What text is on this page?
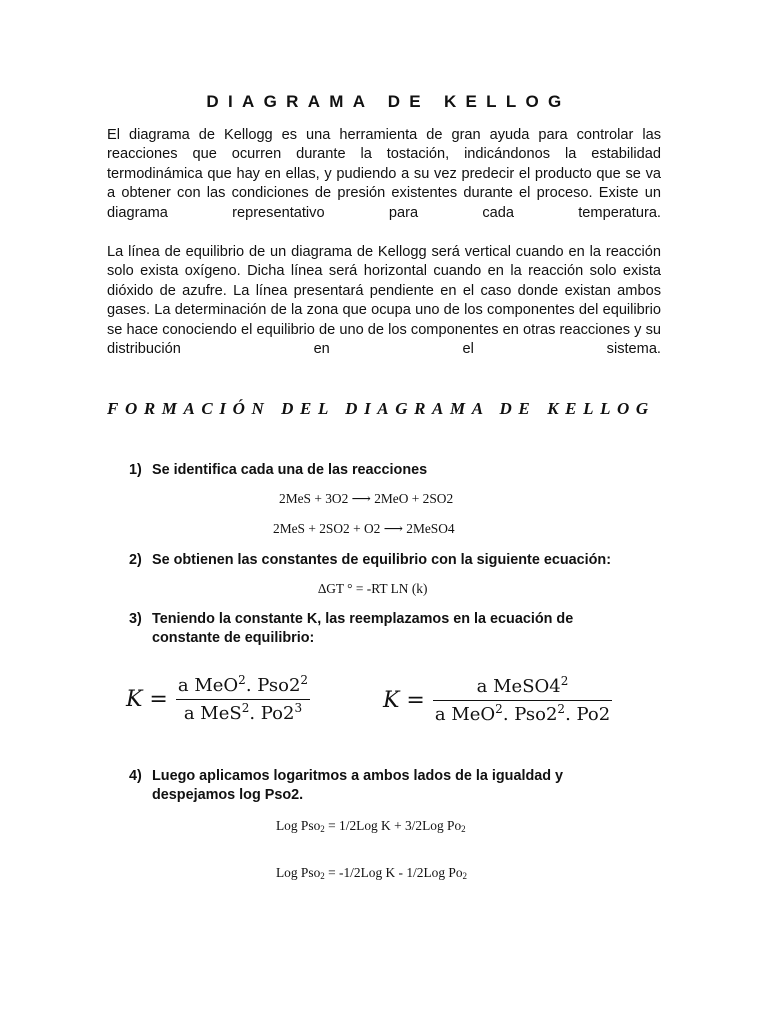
DIAGRAMA DE KELLOG

El diagrama de Kellogg es una herramienta de gran ayuda para controlar las reacciones que ocurren durante la tostación, indicándonos la estabilidad termodinámica que hay en ellas, y pudiendo a su vez predecir el producto que se va a obtener con las condiciones de presión existentes durante el proceso. Existe un diagrama representativo para cada temperatura.

La línea de equilibrio de un diagrama de Kellogg será vertical cuando en la reacción solo exista oxígeno. Dicha línea será horizontal cuando en la reacción solo exista dióxido de azufre. La línea presentará pendiente en el caso donde existan ambos gases. La determinación de la zona que ocupa uno de los componentes del equilibrio se hace conociendo el equilibrio de uno de los componentes en otras reacciones y su distribución en el sistema.

FORMACIÓN DEL DIAGRAMA DE KELLOG
1) Se identifica cada una de las reacciones
2MeS + 3O2 ⟶ 2MeO + 2SO2
2MeS + 2SO2 + O2 ⟶ 2MeSO4
2) Se obtienen las constantes de equilibrio con la siguiente ecuación:
∆GT ° = -RT LN (k)
3) Teniendo la constante K, las reemplazamos en la ecuación de
constante de equilibrio:
$K = \frac{a MeO^2. Pso2^2}{a MeS^2. Po2^3}$	$K = \frac{a MeSO4^2}{a MeO^2. Pso2^2. Po2}$
4) Luego aplicamos logaritmos a ambos lados de la igualdad y
despejamos log Pso2.
Log Pso$_2$ = 1/2Log K + 3/2Log $Po_2$
Log Pso$_2$ = -1/2Log K - 1/2Log $Po_2$
